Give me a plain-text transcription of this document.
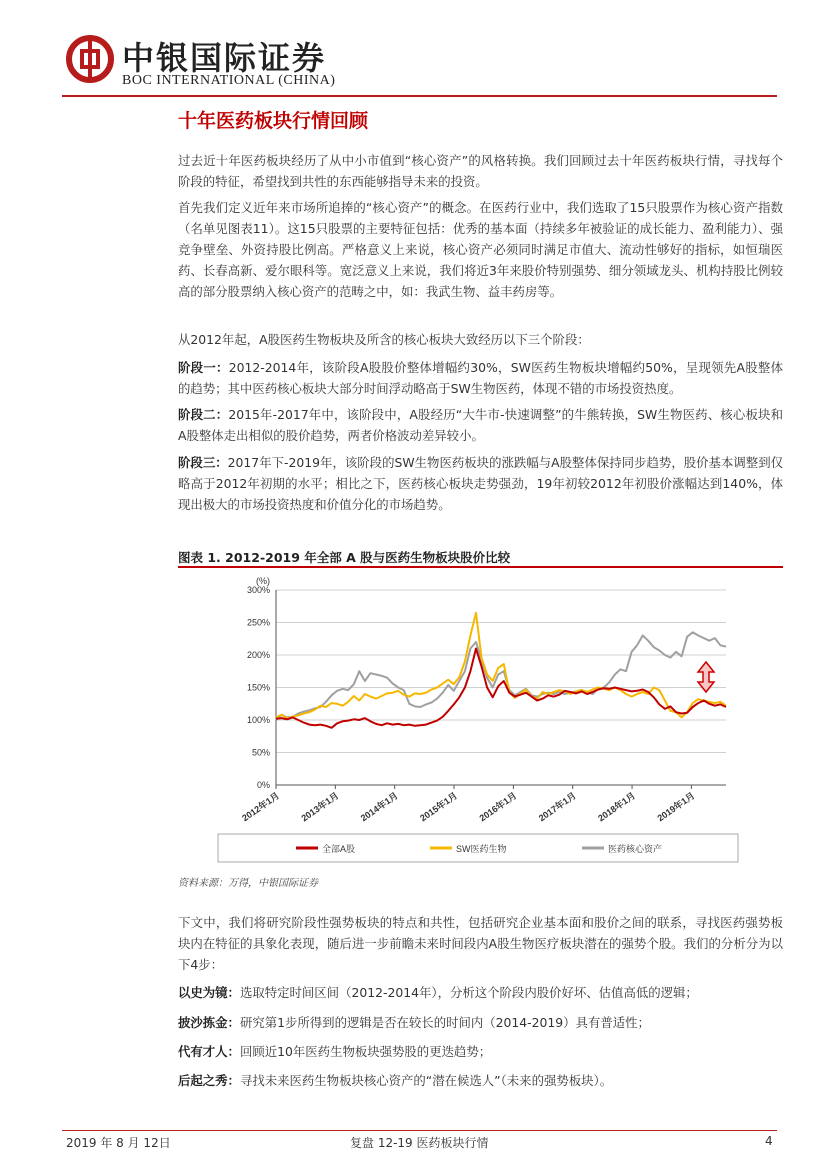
中银国际证券
BOC INTERNATIONAL (CHINA)
十年医药板块行情回顾
过去近十年医药板块经历了从中小市值到“核心资产”的风格转换。我们回顾过去十年医药板块行情，寻找每个阶段的特征，希望找到共性的东西能够指导未来的投资。
首先我们定义近年来市场所追捧的“核心资产”的概念。在医药行业中，我们选取了15只股票作为核心资产指数（名单见图表11）。这15只股票的主要特征包括：优秀的基本面（持续多年被验证的成长能力、盈利能力）、强竞争壁垒、外资持股比例高。严格意义上来说，核心资产必须同时满足市值大、流动性够好的指标，如恒瑞医药、长春高新、爱尔眼科等。宽泛意义上来说，我们将近3年来股价特别强势、细分领域龙头、机构持股比例较高的部分股票纳入核心资产的范畴之中，如：我武生物、益丰药房等。
从2012年起，A股医药生物板块及所含的核心板块大致经历以下三个阶段：
阶段一：2012-2014年，该阶段A股股价整体增幅约30%，SW医药生物板块增幅约50%，呈现领先A股整体的趋势；其中医药核心板块大部分时间浮动略高于SW生物医药，体现不错的市场投资热度。
阶段二：2015年-2017年中，该阶段中，A股经历“大牛市-快速调整”的牛熊转换，SW生物医药、核心板块和A股整体走出相似的股价趋势，两者价格波动差异较小。
阶段三：2017年下-2019年，该阶段的SW生物医药板块的涨跌幅与A股整体保持同步趋势，股价基本调整到仅略高于2012年初期的水平；相比之下，医药核心板块走势强劲，19年初较2012年初股价涨幅达到140%，体现出极大的市场投资热度和价值分化的市场趋势。
图表 1. 2012-2019 年全部 A 股与医药生物板块股价比较
0%
50%
100%
150%
200%
250%
300%
2012年1月 2013年1月 2014年1月 2015年1月 2016年1月 2017年1月 2018年1月 2019年1月
(%)
全部A股	SW医药生物	医药核心资产
资料来源：万得，中银国际证券
下文中，我们将研究阶段性强势板块的特点和共性，包括研究企业基本面和股价之间的联系，寻找医药强势板块内在特征的具象化表现，随后进一步前瞻未来时间段内A股生物医疗板块潜在的强势个股。我们的分析分为以下4步：
以史为镜：选取特定时间区间（2012-2014年），分析这个阶段内股价好坏、估值高低的逻辑；
披沙拣金：研究第1步所得到的逻辑是否在较长的时间内（2014-2019）具有普适性；
代有才人：回顾近10年医药生物板块强势股的更迭趋势；
后起之秀：寻找未来医药生物板块核心资产的“潜在候选人”（未来的强势板块）。
2019 年 8 月 12日	复盘 12-19 医药板块行情	4
